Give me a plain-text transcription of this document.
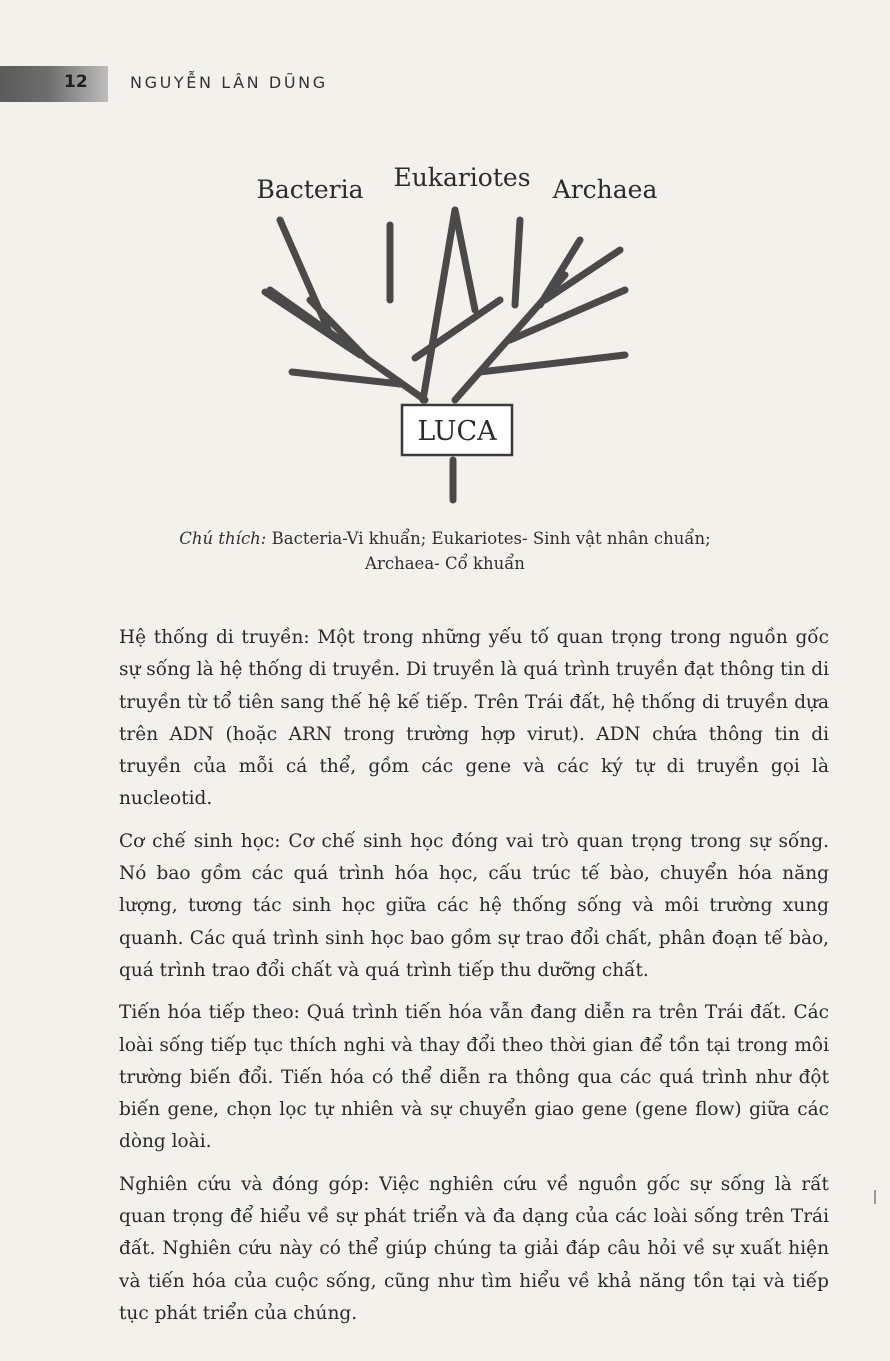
12	NGUYỄN LÂN DŨNG
LUCA
Bacteria Eukariotes Archaea
Chú thích: Bacteria-Vi khuẩn; Eukariotes- Sinh vật nhân chuẩn;
Archaea- Cổ khuẩn

Hệ thống di truyền: Một trong những yếu tố quan trọng trong nguồn gốc sự sống là hệ thống di truyền. Di truyền là quá trình truyền đạt thông tin di truyền từ tổ tiên sang thế hệ kế tiếp. Trên Trái đất, hệ thống di truyền dựa trên ADN (hoặc ARN trong trường hợp virut). ADN chứa thông tin di truyền của mỗi cá thể, gồm các gene và các ký tự di truyền gọi là nucleotid.

Cơ chế sinh học: Cơ chế sinh học đóng vai trò quan trọng trong sự sống. Nó bao gồm các quá trình hóa học, cấu trúc tế bào, chuyển hóa năng lượng, tương tác sinh học giữa các hệ thống sống và môi trường xung quanh. Các quá trình sinh học bao gồm sự trao đổi chất, phân đoạn tế bào, quá trình trao đổi chất và quá trình tiếp thu dưỡng chất.

Tiến hóa tiếp theo: Quá trình tiến hóa vẫn đang diễn ra trên Trái đất. Các loài sống tiếp tục thích nghi và thay đổi theo thời gian để tồn tại trong môi trường biến đổi. Tiến hóa có thể diễn ra thông qua các quá trình như đột biến gene, chọn lọc tự nhiên và sự chuyển giao gene (gene flow) giữa các dòng loài.

Nghiên cứu và đóng góp: Việc nghiên cứu về nguồn gốc sự sống là rất quan trọng để hiểu về sự phát triển và đa dạng của các loài sống trên Trái đất. Nghiên cứu này có thể giúp chúng ta giải đáp câu hỏi về sự xuất hiện và tiến hóa của cuộc sống, cũng như tìm hiểu về khả năng tồn tại và tiếp tục phát triển của chúng.
